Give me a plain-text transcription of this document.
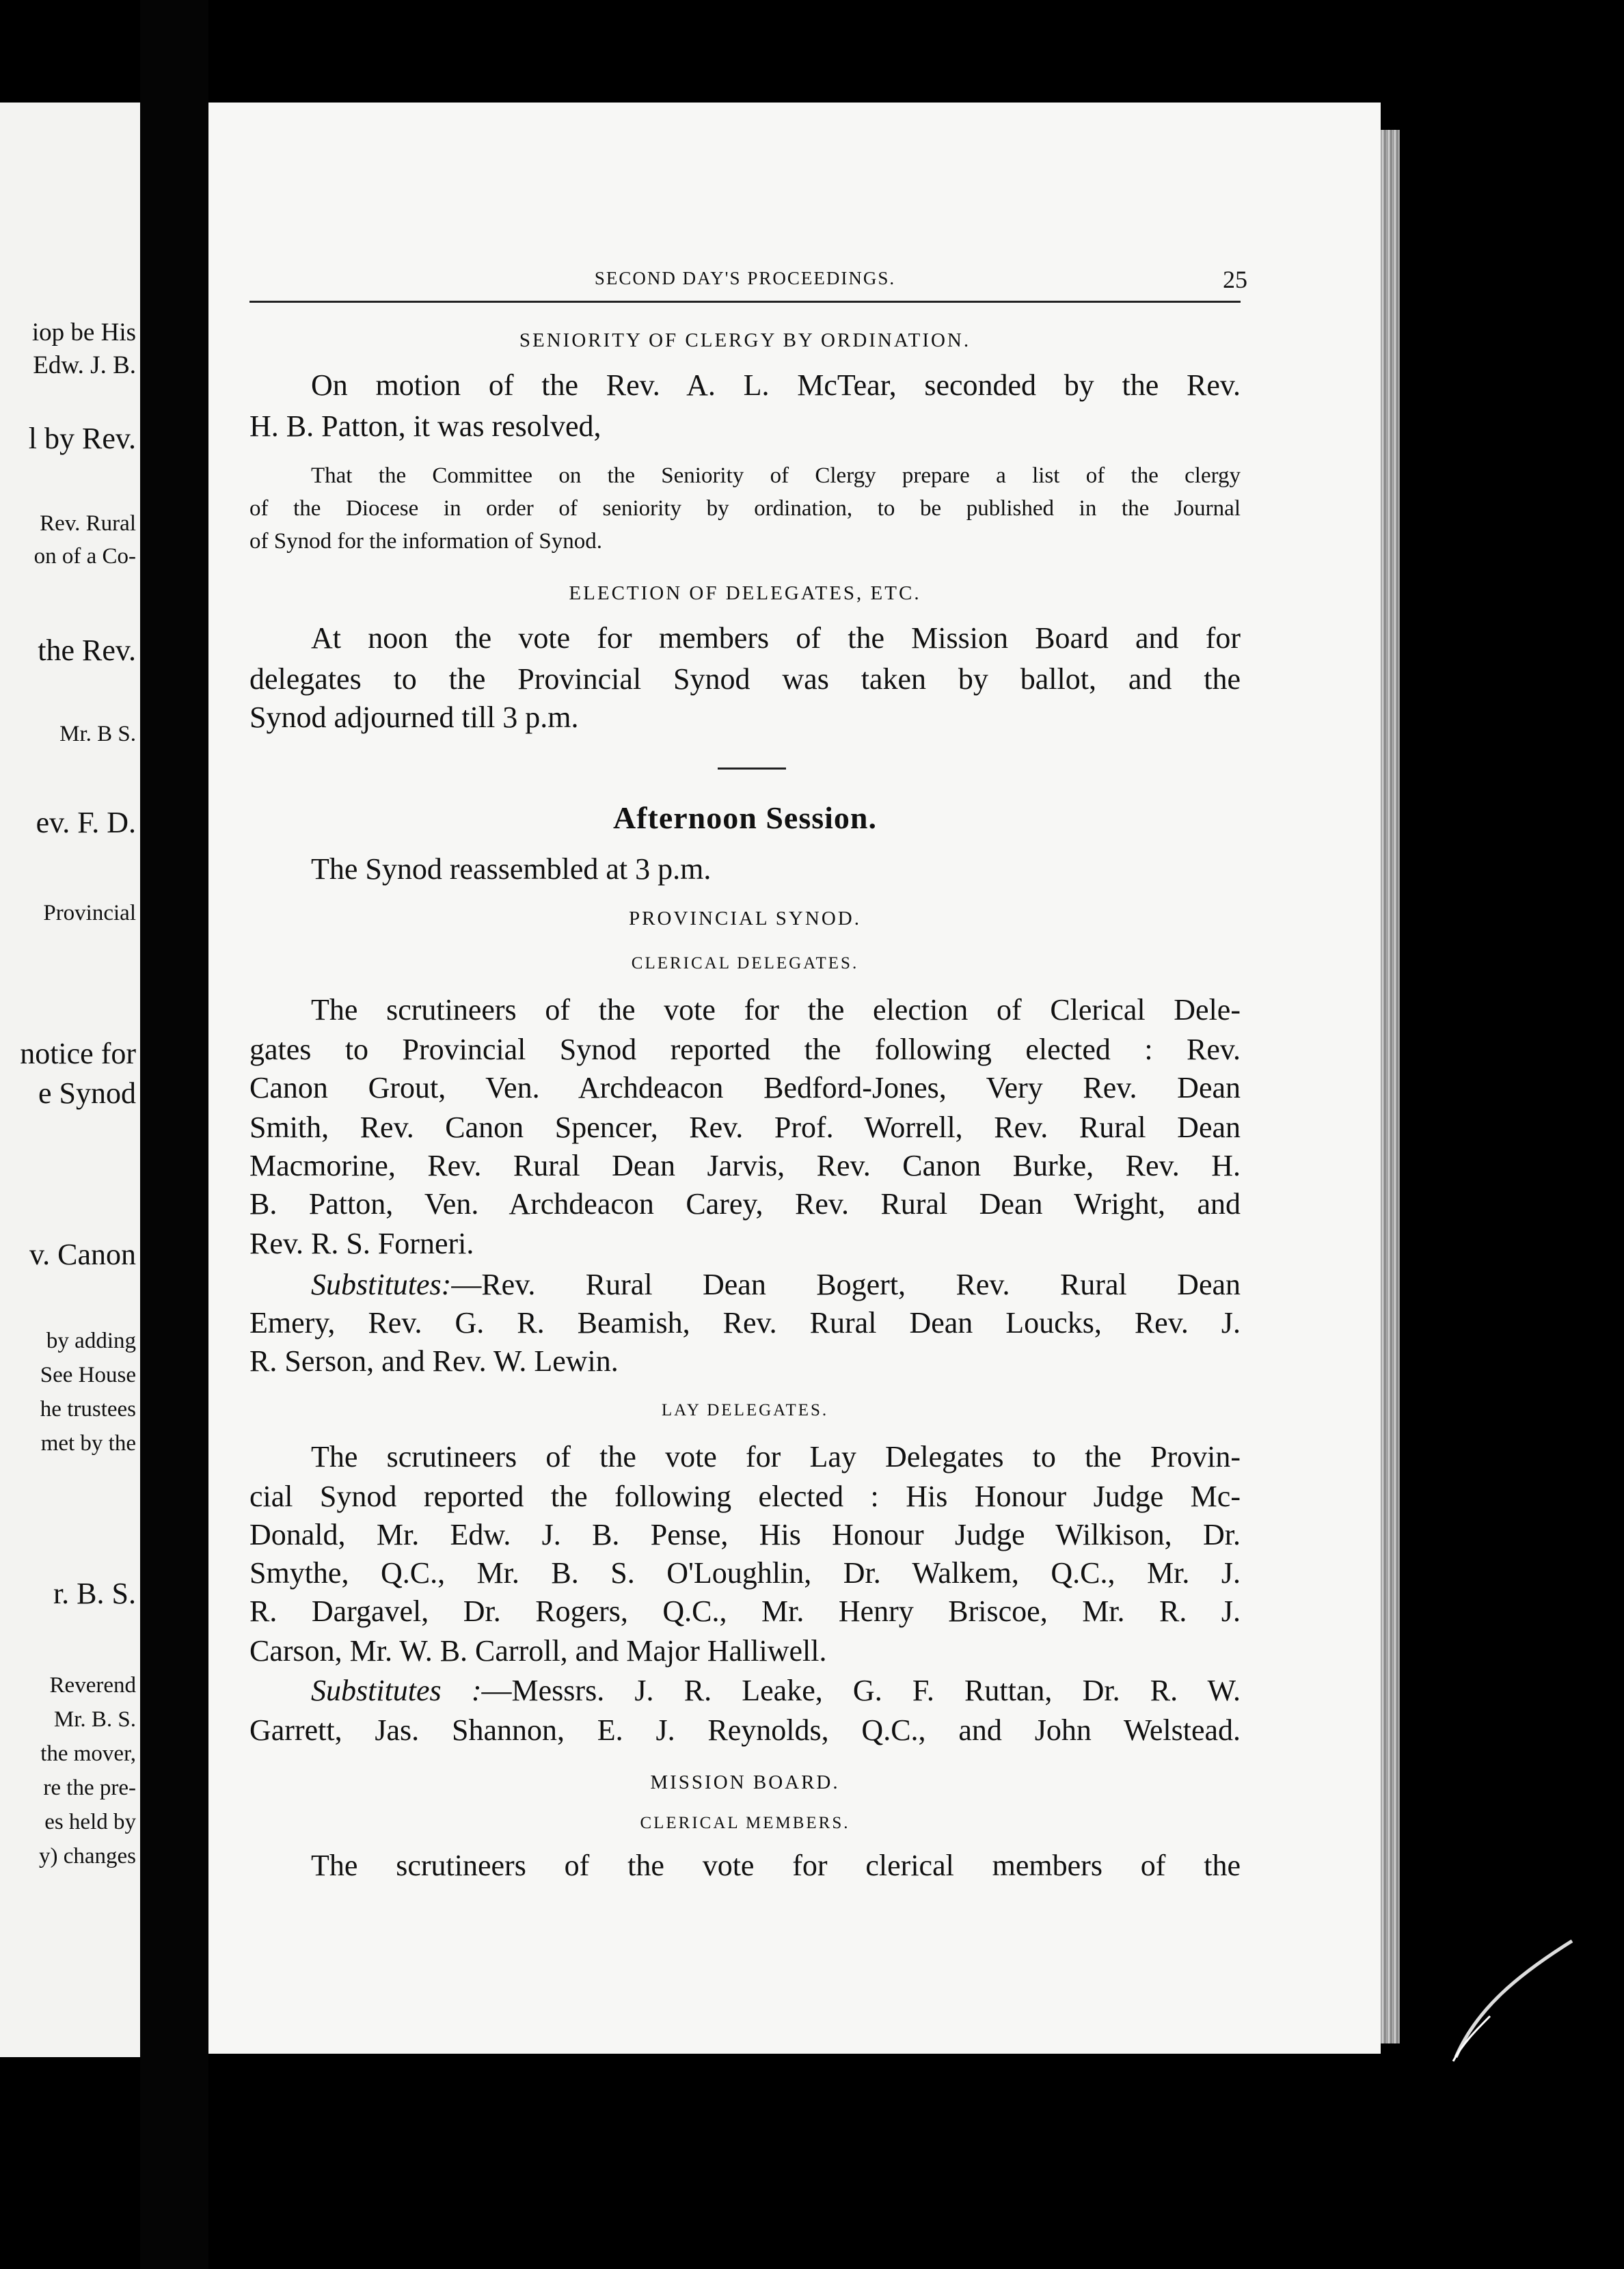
iop be His
Edw. J. B.
l by Rev.
Rev. Rural
on of a Co-
the Rev.
Mr. B S.
ev. F. D.
Provincial
notice for
e Synod
v. Canon
by adding
See House
he trustees
met by the
r. B. S.
Reverend
Mr. B. S.
the mover,
re the pre-
es held by
y) changes
SECOND DAY'S PROCEEDINGS.	25
SENIORITY OF CLERGY BY ORDINATION.
On motion of the Rev. A. L. McTear, seconded by the Rev.
H. B. Patton, it was resolved,
That the Committee on the Seniority of Clergy prepare a list of the clergy
of the Diocese in order of seniority by ordination, to be published in the Journal
of Synod for the information of Synod.
ELECTION OF DELEGATES, ETC.
At noon the vote for members of the Mission Board and for
delegates to the Provincial Synod was taken by ballot, and the
Synod adjourned till 3 p.m.
Afternoon Session.
The Synod reassembled at 3 p.m.
PROVINCIAL SYNOD.
CLERICAL DELEGATES.
The scrutineers of the vote for the election of Clerical Dele-
gates to Provincial Synod reported the following elected : Rev.
Canon Grout, Ven. Archdeacon Bedford-Jones, Very Rev. Dean
Smith, Rev. Canon Spencer, Rev. Prof. Worrell, Rev. Rural Dean
Macmorine, Rev. Rural Dean Jarvis, Rev. Canon Burke, Rev. H.
B. Patton, Ven. Archdeacon Carey, Rev. Rural Dean Wright, and
Rev. R. S. Forneri.
Substitutes:—Rev. Rural Dean Bogert, Rev. Rural Dean
Emery, Rev. G. R. Beamish, Rev. Rural Dean Loucks, Rev. J.
R. Serson, and Rev. W. Lewin.
LAY DELEGATES.
The scrutineers of the vote for Lay Delegates to the Provin-
cial Synod reported the following elected : His Honour Judge Mc-
Donald, Mr. Edw. J. B. Pense, His Honour Judge Wilkison, Dr.
Smythe, Q.C., Mr. B. S. O'Loughlin, Dr. Walkem, Q.C., Mr. J.
R. Dargavel, Dr. Rogers, Q.C., Mr. Henry Briscoe, Mr. R. J.
Carson, Mr. W. B. Carroll, and Major Halliwell.
Substitutes :—Messrs. J. R. Leake, G. F. Ruttan, Dr. R. W.
Garrett, Jas. Shannon, E. J. Reynolds, Q.C., and John Welstead.
MISSION BOARD.
CLERICAL MEMBERS.
The scrutineers of the vote for clerical members of the
